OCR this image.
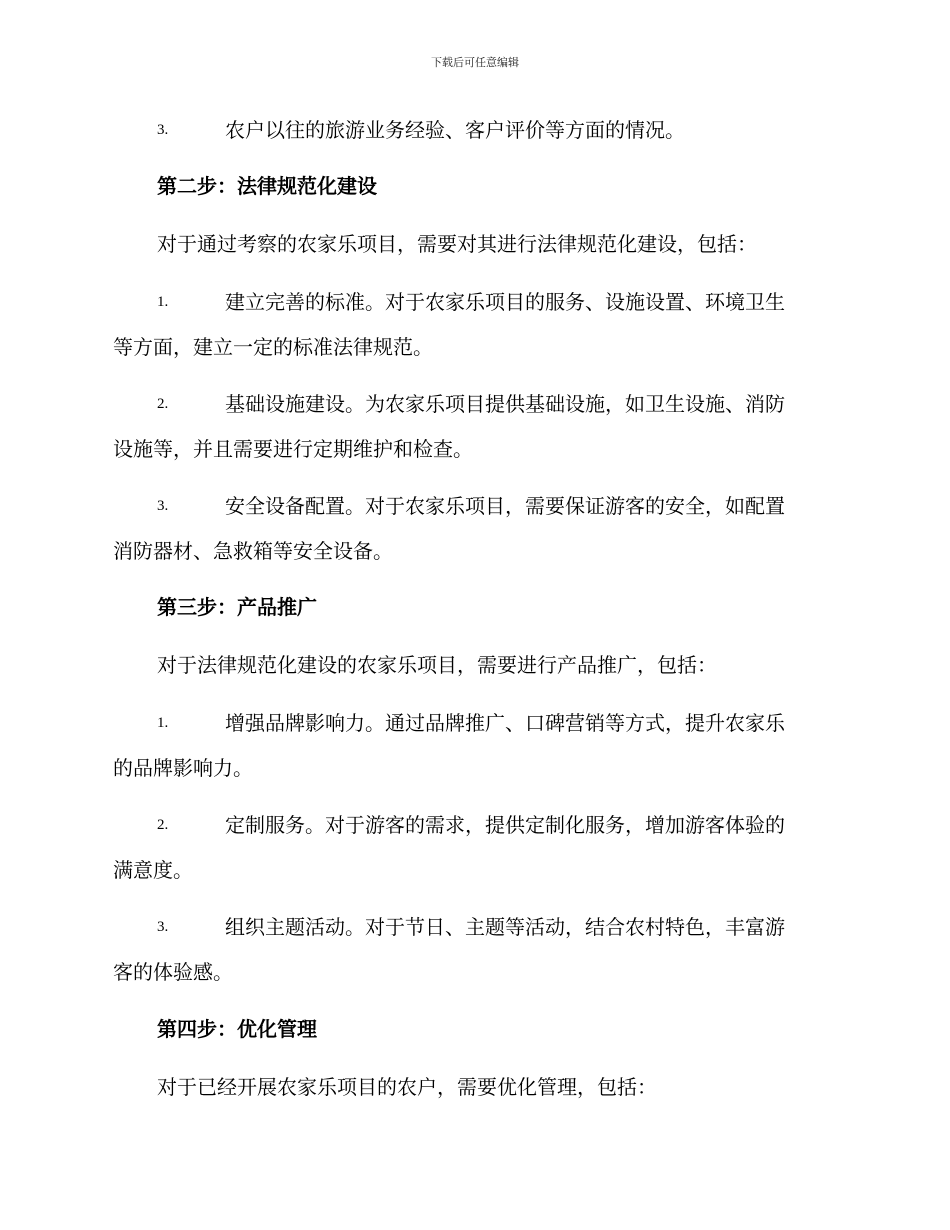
下载后可任意编辑
3.	农户以往的旅游业务经验、客户评价等方面的情况。
第二步：法律规范化建设
对于通过考察的农家乐项目，需要对其进行法律规范化建设，包括：
1.	建立完善的标准。对于农家乐项目的服务、设施设置、环境卫生
等方面，建立一定的标准法律规范。
2.	基础设施建设。为农家乐项目提供基础设施，如卫生设施、消防
设施等，并且需要进行定期维护和检查。
3.	安全设备配置。对于农家乐项目，需要保证游客的安全，如配置
消防器材、急救箱等安全设备。
第三步：产品推广
对于法律规范化建设的农家乐项目，需要进行产品推广，包括：
1.	增强品牌影响力。通过品牌推广、口碑营销等方式，提升农家乐
的品牌影响力。
2.	定制服务。对于游客的需求，提供定制化服务，增加游客体验的
满意度。
3.	组织主题活动。对于节日、主题等活动，结合农村特色，丰富游
客的体验感。
第四步：优化管理
对于已经开展农家乐项目的农户，需要优化管理，包括：
